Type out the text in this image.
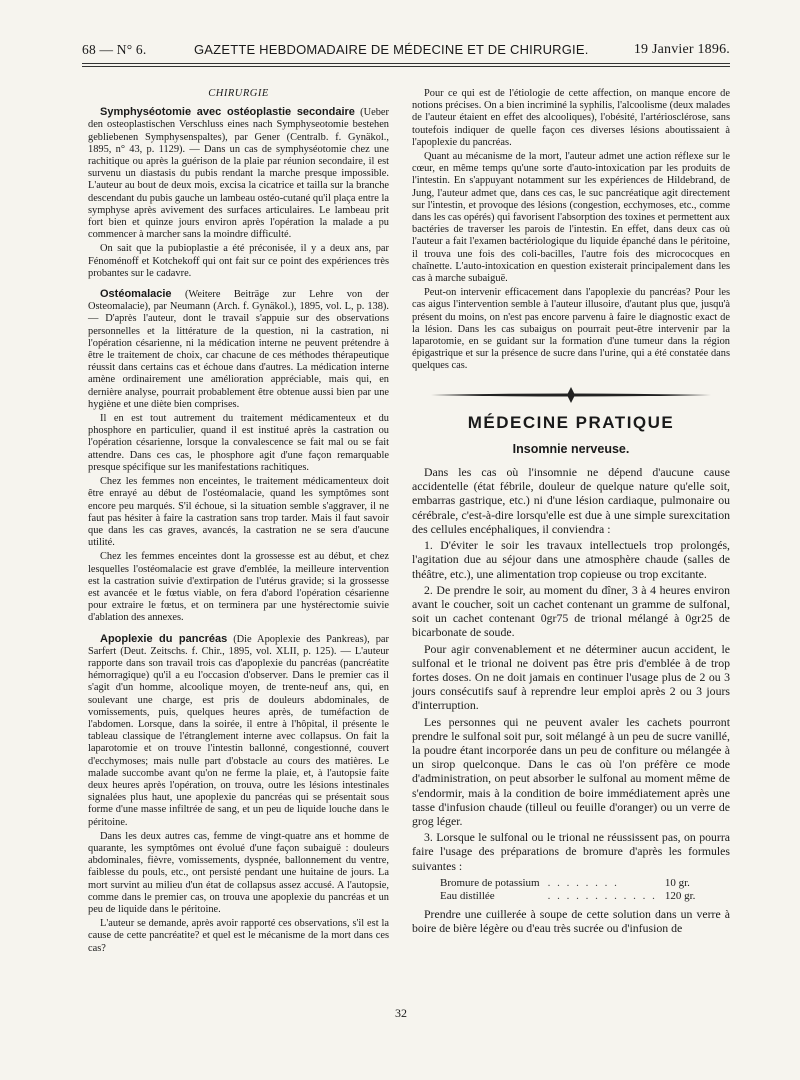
68 — N° 6.	GAZETTE HEBDOMADAIRE DE MÉDECINE ET DE CHIRURGIE.	19 Janvier 1896.
CHIRURGIE

Symphyséotomie avec ostéoplastie secondaire (Ueber den osteoplastischen Verschluss eines nach Symphyseotomie bestehen gebliebenen Symphysenspaltes), par Gener (Centralb. f. Gynäkol., 1895, n° 43, p. 1129). — Dans un cas de symphyséotomie chez une rachitique ou après la guérison de la plaie par réunion secondaire, il est survenu un diastasis du pubis rendant la marche presque impossible. L'auteur au bout de deux mois, excisa la cicatrice et tailla sur la branche descendant du pubis gauche un lambeau ostéo-cutané qu'il plaça entre la symphyse après avivement des surfaces articulaires. Le lambeau prit fort bien et quinze jours environ après l'opération la malade a pu commencer à marcher sans la moindre difficulté.

On sait que la pubioplastie a été préconisée, il y a deux ans, par Fénoménoff et Kotchekoff qui ont fait sur ce point des expériences très probantes sur le cadavre.

Ostéomalacie (Weitere Beiträge zur Lehre von der Osteomalacie), par Neumann (Arch. f. Gynäkol.), 1895, vol. L, p. 138). — D'après l'auteur, dont le travail s'appuie sur des observations personnelles et la littérature de la question, ni la castration, ni l'opération césarienne, ni la médication interne ne peuvent prétendre à être le traitement de choix, car chacune de ces méthodes thérapeutique réussit dans certains cas et échoue dans d'autres. La médication interne amène ordinairement une amélioration appréciable, mais qui, en dernière analyse, pourrait probablement être obtenue aussi bien par une hygiène et une diète bien comprises.

Il en est tout autrement du traitement médicamenteux et du phosphore en particulier, quand il est institué après la castration ou l'opération césarienne, lorsque la convalescence se fait mal ou se fait attendre. Dans ces cas, le phosphore agit d'une façon remarquable presque spécifique sur les manifestations rachitiques.

Chez les femmes non enceintes, le traitement médicamenteux doit être enrayé au début de l'ostéomalacie, quand les symptômes sont encore peu marqués. S'il échoue, si la situation semble s'aggraver, il ne faut pas hésiter à faire la castration sans trop tarder. Mais il faut savoir que dans les cas graves, avancés, la castration ne se sera d'aucune utilité.

Chez les femmes enceintes dont la grossesse est au début, et chez lesquelles l'ostéomalacie est grave d'emblée, la meilleure intervention est la castration suivie d'extirpation de l'utérus gravide; si la grossesse est avancée et le fœtus viable, on fera d'abord l'opération césarienne pour extraire le fœtus, et on terminera par une hystérectomie suivie d'ablation des annexes.

Apoplexie du pancréas (Die Apoplexie des Pankreas), par Sarfert (Deut. Zeitschs. f. Chir., 1895, vol. XLII, p. 125). — L'auteur rapporte dans son travail trois cas d'apoplexie du pancréas (pancréatite hémorragique) qu'il a eu l'occasion d'observer. Dans le premier cas il s'agit d'un homme, alcoolique moyen, de trente-neuf ans, qui, en soulevant une charge, est pris de douleurs abdominales, de vomissements, puis, quelques heures après, de tuméfaction de l'abdomen. Lorsque, dans la soirée, il entre à l'hôpital, il présente le tableau classique de l'étranglement interne avec collapsus. On fait la laparotomie et on trouve l'intestin ballonné, congestionné, couvert d'ecchymoses; mais nulle part d'obstacle au cours des matières. Le malade succombe avant qu'on ne ferme la plaie, et, à l'autopsie faite deux heures après l'opération, on trouva, outre les lésions intestinales signalées plus haut, une apoplexie du pancréas qui se présentait sous forme d'une masse infiltrée de sang, et un peu de liquide louche dans le péritoine.

Dans les deux autres cas, femme de vingt-quatre ans et homme de quarante, les symptômes ont évolué d'une façon subaiguë : douleurs abdominales, fièvre, vomissements, dyspnée, ballonnement du ventre, faiblesse du pouls, etc., ont persisté pendant une huitaine de jours. La mort survint au milieu d'un état de collapsus assez accusé. A l'autopsie, comme dans le premier cas, on trouva une apoplexie du pancréas et un peu de liquide dans le péritoine.

L'auteur se demande, après avoir rapporté ces observations, s'il est la cause de cette pancréatite? et quel est le mécanisme de la mort dans ces cas?

Pour ce qui est de l'étiologie de cette affection, on manque encore de notions précises. On a bien incriminé la syphilis, l'alcoolisme (deux malades de l'auteur étaient en effet des alcooliques), l'obésité, l'artériosclérose, sans toutefois indiquer de quelle façon ces diverses lésions aboutissaient à l'apoplexie du pancréas.

Quant au mécanisme de la mort, l'auteur admet une action réflexe sur le cœur, en même temps qu'une sorte d'auto-intoxication par les produits de l'intestin. En s'appuyant notamment sur les expériences de Hildebrand, de Jung, l'auteur admet que, dans ces cas, le suc pancréatique agit directement sur l'intestin, et provoque des lésions (congestion, ecchymoses, etc., comme dans les cas opérés) qui favorisent l'absorption des toxines et permettent aux bactéries de traverser les parois de l'intestin. En effet, dans deux cas où l'auteur a fait l'examen bactériologique du liquide épanché dans le péritoine, il trouva une fois des coli-bacilles, l'autre fois des micrococques en chaînette. L'auto-intoxication en question existerait principalement dans les cas à marche subaiguë.

Peut-on intervenir efficacement dans l'apoplexie du pancréas? Pour les cas aigus l'intervention semble à l'auteur illusoire, d'autant plus que, jusqu'à présent du moins, on n'est pas encore parvenu à faire le diagnostic exact de la lésion. Dans les cas subaigus on pourrait peut-être intervenir par la laparotomie, en se guidant sur la formation d'une tumeur dans la région épigastrique et sur la présence de sucre dans l'urine, qui a été constatée dans quelques cas.

MÉDECINE PRATIQUE
Insomnie nerveuse.

Dans les cas où l'insomnie ne dépend d'aucune cause accidentelle (état fébrile, douleur de quelque nature qu'elle soit, embarras gastrique, etc.) ni d'une lésion cardiaque, pulmonaire ou cérébrale, c'est-à-dire lorsqu'elle est due à une simple surexcitation des cellules encéphaliques, il conviendra :

1. D'éviter le soir les travaux intellectuels trop prolongés, l'agitation due au séjour dans une atmosphère chaude (salles de théâtre, etc.), une alimentation trop copieuse ou trop excitante.

2. De prendre le soir, au moment du dîner, 3 à 4 heures environ avant le coucher, soit un cachet contenant un gramme de sulfonal, soit un cachet contenant 0gr75 de trional mélangé à 0gr25 de bicarbonate de soude.

Pour agir convenablement et ne déterminer aucun accident, le sulfonal et le trional ne doivent pas être pris d'emblée à de trop fortes doses. On ne doit jamais en continuer l'usage plus de 2 ou 3 jours consécutifs sauf à reprendre leur emploi après 2 ou 3 jours d'interruption.

Les personnes qui ne peuvent avaler les cachets pourront prendre le sulfonal soit pur, soit mélangé à un peu de sucre vanillé, la poudre étant incorporée dans un peu de confiture ou mélangée à un sirop quelconque. Dans le cas où l'on préfère ce mode d'administration, on peut absorber le sulfonal au moment même de s'endormir, mais à la condition de boire immédiatement après une tasse d'infusion chaude (tilleul ou feuille d'oranger) ou un verre de grog léger.

3. Lorsque le sulfonal ou le trional ne réussissent pas, on pourra faire l'usage des préparations de bromure d'après les formules suivantes :

Bromure de potassium	. . . . . . . .	10 gr.
Eau distillée	. . . . . . . . . . . .	120 gr.

Prendre une cuillerée à soupe de cette solution dans un verre à boire de bière légère ou d'eau très sucrée ou d'infusion de

32
